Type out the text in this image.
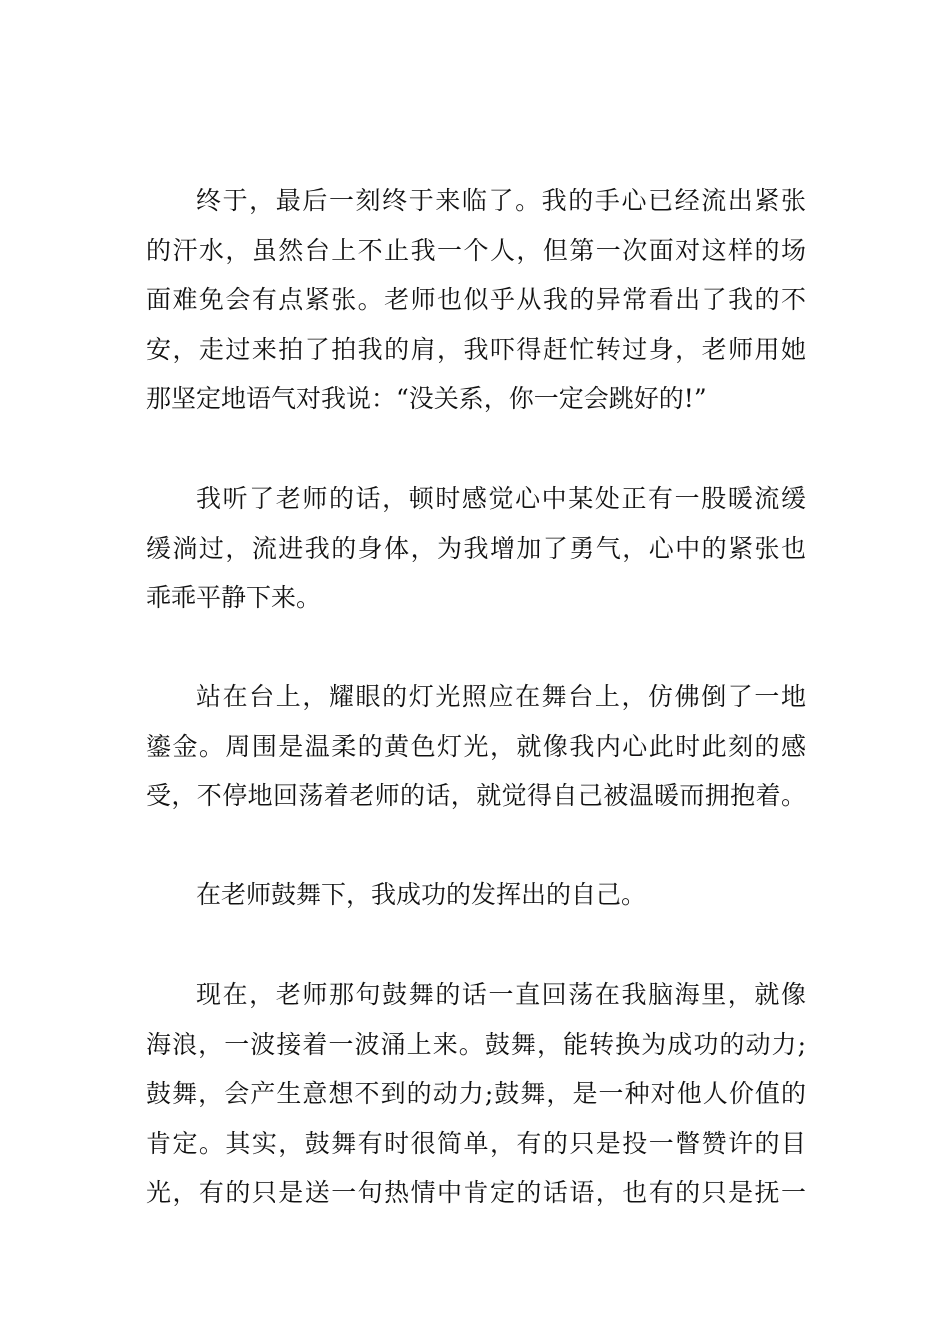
终于，最后一刻终于来临了。我的手心已经流出紧张
的汗水，虽然台上不止我一个人，但第一次面对这样的场
面难免会有点紧张。老师也似乎从我的异常看出了我的不
安，走过来拍了拍我的肩，我吓得赶忙转过身，老师用她
那坚定地语气对我说：“没关系，你一定会跳好的!”
我听了老师的话，顿时感觉心中某处正有一股暖流缓
缓淌过，流进我的身体，为我增加了勇气，心中的紧张也
乖乖平静下来。
站在台上，耀眼的灯光照应在舞台上，仿佛倒了一地
鎏金。周围是温柔的黄色灯光，就像我内心此时此刻的感
受，不停地回荡着老师的话，就觉得自己被温暖而拥抱着。
在老师鼓舞下，我成功的发挥出的自己。
现在，老师那句鼓舞的话一直回荡在我脑海里，就像
海浪，一波接着一波涌上来。鼓舞，能转换为成功的动力;
鼓舞，会产生意想不到的动力;鼓舞，是一种对他人价值的
肯定。其实，鼓舞有时很简单，有的只是投一瞥赞许的目
光，有的只是送一句热情中肯定的话语，也有的只是抚一
